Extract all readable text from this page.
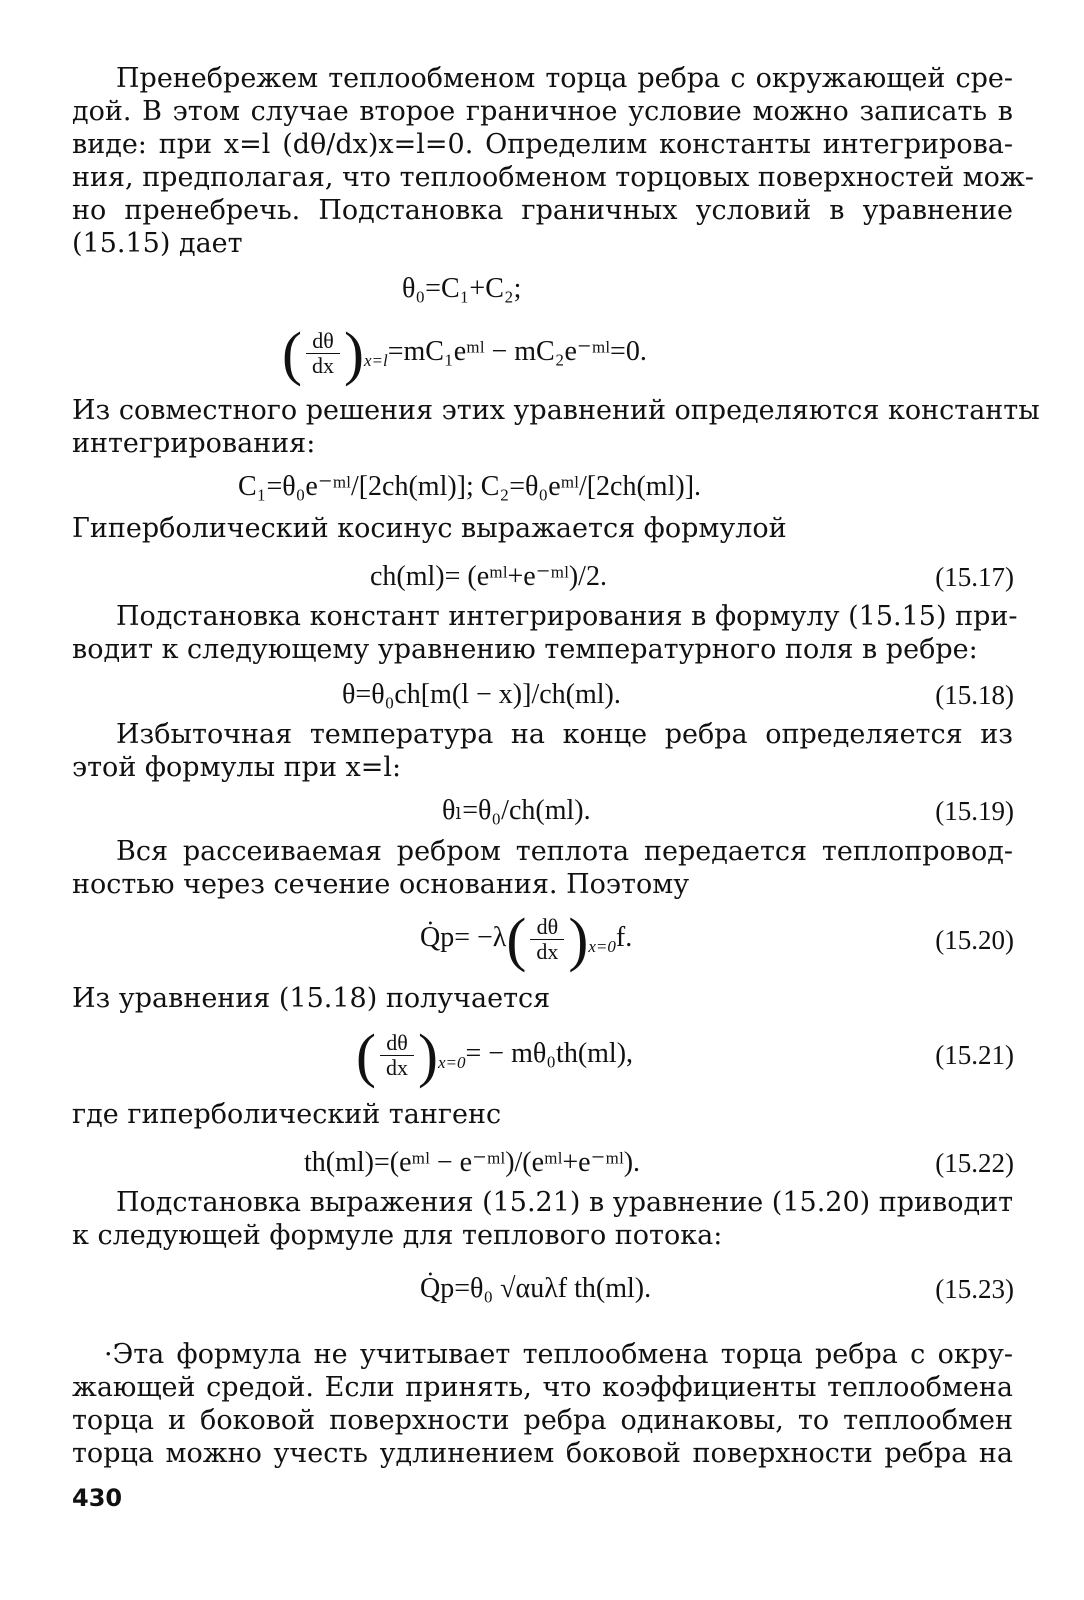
Пренебрежем теплообменом торца ребра с окружающей сре-
дой. В этом случае второе граничное условие можно записать в
виде: при x=l (dθ/dx)x=l=0. Определим константы интегрирова-
ния, предполагая, что теплообменом торцовых поверхностей мож-
но пренебречь. Подстановка граничных условий в уравнение
(15.15) дает
θ₀=C₁+C₂;
( $\frac{d\theta}{dx}$ )$_{x=l}=mC_1eᵐˡ$ − mC₂e⁻ᵐˡ=0.
Из совместного решения этих уравнений определяются константы
интегрирования:
C₁=θ₀e⁻ᵐˡ/[2ch(ml)]; C₂=θ₀eᵐˡ/[2ch(ml)].
Гиперболический косинус выражается формулой
ch(ml)= (eᵐˡ+e⁻ᵐˡ)/2.	(15.17)
Подстановка констант интегрирования в формулу (15.15) при-
водит к следующему уравнению температурного поля в ребре:
θ=θ₀ch[m(l − x)]/ch(ml).	(15.18)
Избыточная температура на конце ребра определяется из
этой формулы при x=l:
θₗ=θ₀/ch(ml).	(15.19)
Вся рассеиваемая ребром теплота передается теплопровод-
ностью через сечение основания. Поэтому
Q̇p= $-\lambda( \frac{d\theta}{dx} )_{x=0}f$.	(15.20)
Из уравнения (15.18) получается
( $\frac{d\theta}{dx} )_{x=0}= - m\theta_0th(ml)$,	(15.21)
где гиперболический тангенс
th(ml)=(eᵐˡ − e⁻ᵐˡ)/(eᵐˡ+e⁻ᵐˡ).	(15.22)
Подстановка выражения (15.21) в уравнение (15.20) приводит
к следующей формуле для теплового потока:
Q̇p=θ₀ √αuλf th(ml).	(15.23)
·Эта формула не учитывает теплообмена торца ребра с окру-
жающей средой. Если принять, что коэффициенты теплообмена
торца и боковой поверхности ребра одинаковы, то теплообмен
торца можно учесть удлинением боковой поверхности ребра на
430
